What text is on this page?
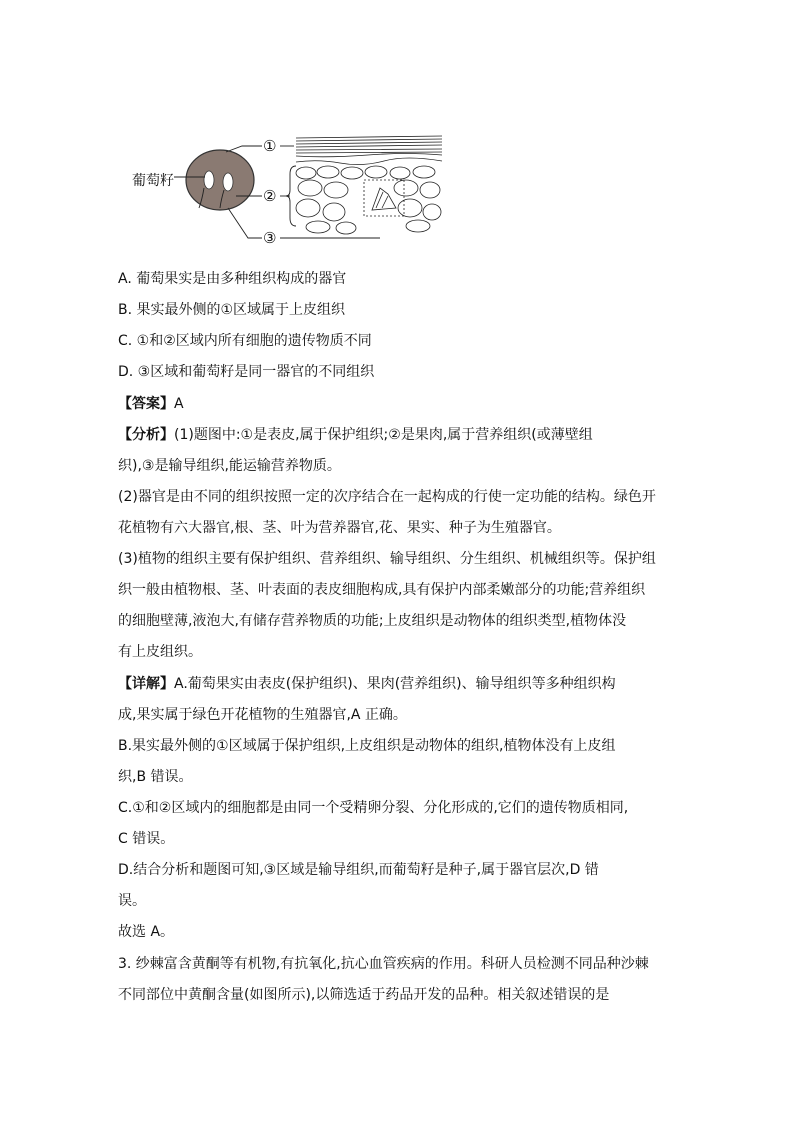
葡萄籽
①
②
③
A. 葡萄果实是由多种组织构成的器官
B. 果实最外侧的①区域属于上皮组织
C. ①和②区域内所有细胞的遗传物质不同
D. ③区域和葡萄籽是同一器官的不同组织
【答案】A
【分析】(1)题图中:①是表皮,属于保护组织;②是果肉,属于营养组织(或薄壁组
织),③是输导组织,能运输营养物质。
(2)器官是由不同的组织按照一定的次序结合在一起构成的行使一定功能的结构。绿色开
花植物有六大器官,根、茎、叶为营养器官,花、果实、种子为生殖器官。
(3)植物的组织主要有保护组织、营养组织、输导组织、分生组织、机械组织等。保护组
织一般由植物根、茎、叶表面的表皮细胞构成,具有保护内部柔嫩部分的功能;营养组织
的细胞壁薄,液泡大,有储存营养物质的功能;上皮组织是动物体的组织类型,植物体没
有上皮组织。
【详解】A.葡萄果实由表皮(保护组织)、果肉(营养组织)、输导组织等多种组织构
成,果实属于绿色开花植物的生殖器官,A 正确。
B.果实最外侧的①区域属于保护组织,上皮组织是动物体的组织,植物体没有上皮组
织,B 错误。
C.①和②区域内的细胞都是由同一个受精卵分裂、分化形成的,它们的遗传物质相同,
C 错误。
D.结合分析和题图可知,③区域是输导组织,而葡萄籽是种子,属于器官层次,D 错
误。
故选 A。
3. 纱棘富含黄酮等有机物,有抗氧化,抗心血管疾病的作用。科研人员检测不同品种沙棘
不同部位中黄酮含量(如图所示),以筛选适于药品开发的品种。相关叙述错误的是
